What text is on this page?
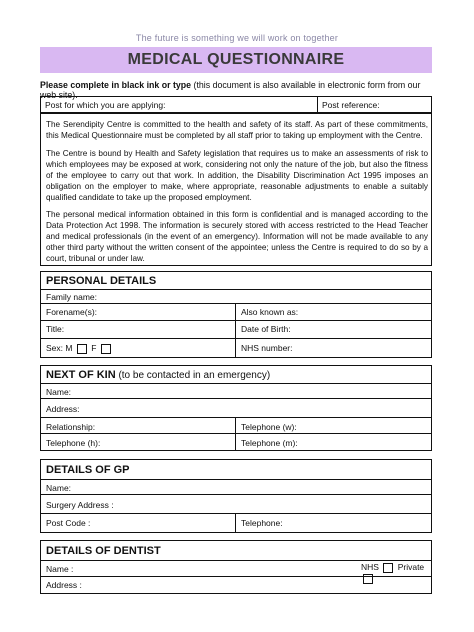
The future is something we will work on together
MEDICAL QUESTIONNAIRE
Please complete in black ink or type (this document is also available in electronic form from our web site).
Post for which you are applying:	Post reference:
The Serendipity Centre is committed to the health and safety of its staff. As part of these commitments, this Medical Questionnaire must be completed by all staff prior to taking up employment with the Centre.
The Centre is bound by Health and Safety legislation that requires us to make an assessments of risk to which employees may be exposed at work, considering not only the nature of the job, but also the fitness of the employee to carry out that work. In addition, the Disability Discrimination Act 1995 imposes an obligation on the employer to make, where appropriate, reasonable adjustments to enable a suitably qualified candidate to take up the proposed employment.
The personal medical information obtained in this form is confidential and is managed according to the Data Protection Act 1998. The information is securely stored with access restricted to the Head Teacher and medical professionals (in the event of an emergency). Information will not be made available to any other third party without the written consent of the appointee; unless the Centre is required to do so by a court, tribunal or under law.
PERSONAL DETAILS
Family name:
Forename(s):	Also known as:
Title:	Date of Birth:
Sex: M F	NHS number:
NEXT OF KIN (to be contacted in an emergency)
Name:
Address:
Relationship:	Telephone (w):
Telephone (h):	Telephone (m):
DETAILS OF GP
Name:
Surgery Address :
Post Code :	Telephone:
DETAILS OF DENTIST
Name :	NHS Private
Address :
